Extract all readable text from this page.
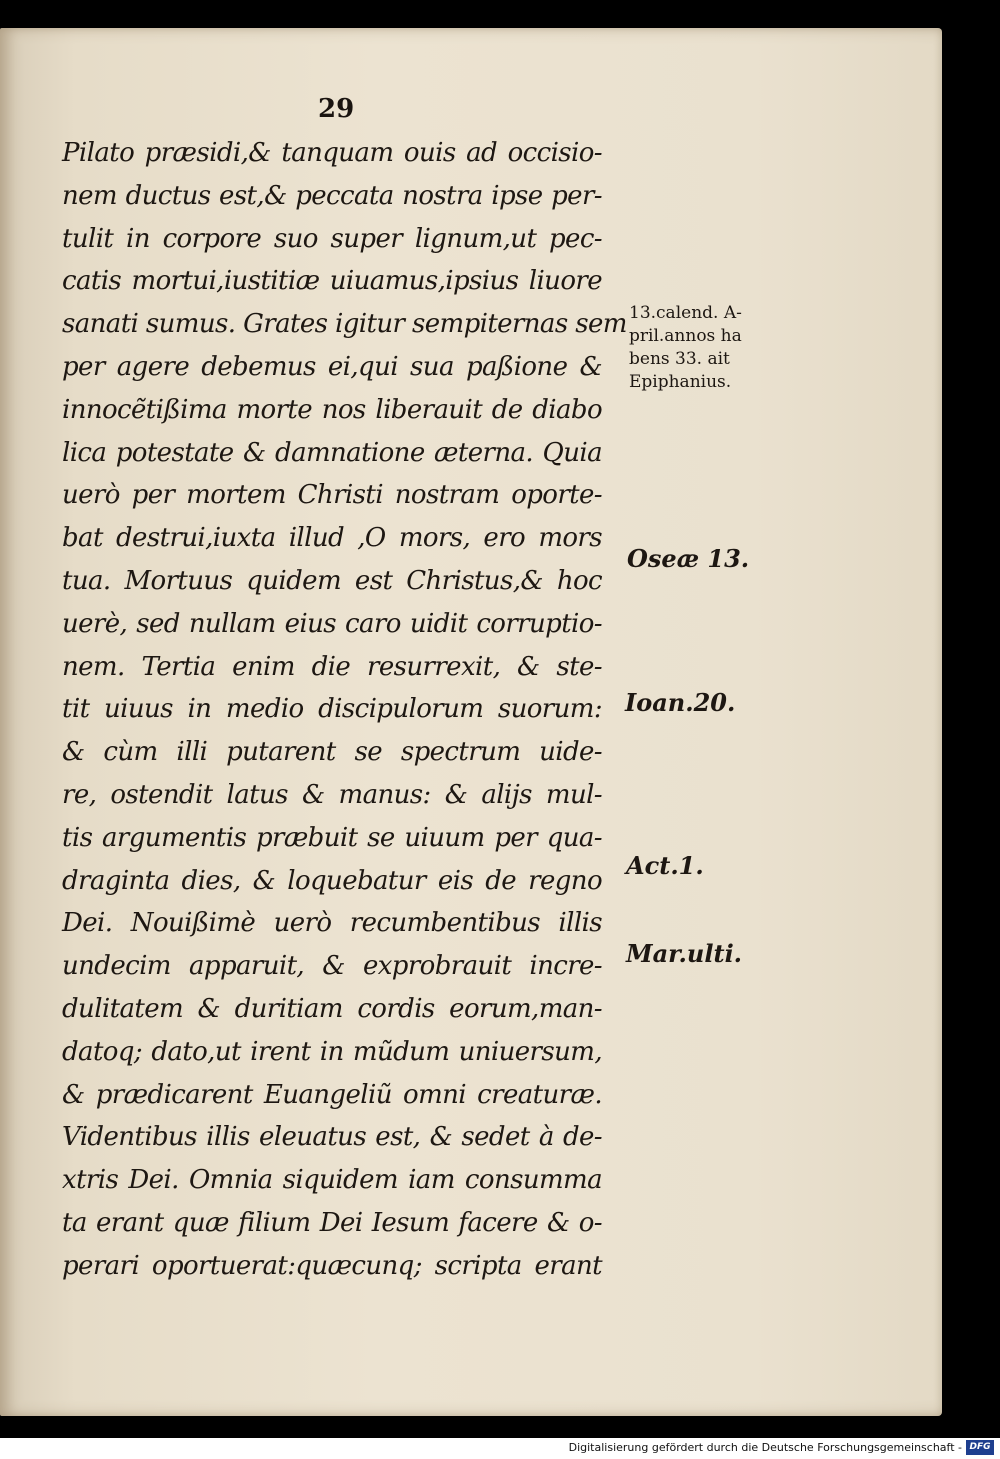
29
Pilato præsidi,& tanquam ouis ad occisio-
nem ductus est,& peccata nostra ipse per-
tulit in corpore suo super lignum,ut pec-
catis mortui,iustitiæ uiuamus,ipsius liuore
sanati sumus. Grates igitur sempiternas sem
per agere debemus ei,qui sua paßione &
innocẽtißima morte nos liberauit de diabo
lica potestate & damnatione æterna. Quia
uerò per mortem Christi nostram oporte-
bat destrui,iuxta illud ,O mors, ero mors
tua. Mortuus quidem est Christus,& hoc
uerè, sed nullam eius caro uidit corruptio-
nem. Tertia enim die resurrexit, & ste-
tit uiuus in medio discipulorum suorum:
& cùm illi putarent se spectrum uide-
re, ostendit latus & manus: & alijs mul-
tis argumentis præbuit se uiuum per qua-
draginta dies, & loquebatur eis de regno
Dei. Nouißimè uerò recumbentibus illis
undecim apparuit, & exprobrauit incre-
dulitatem & duritiam cordis eorum,man-
datoq; dato,ut irent in mũdum uniuersum,
& prædicarent Euangeliũ omni creaturæ.
Videntibus illis eleuatus est, & sedet à de-
xtris Dei. Omnia siquidem iam consumma
ta erant quæ filium Dei Iesum facere & o-
perari oportuerat:quæcunq; scripta erant
13.calend. A-
pril.annos ha
bens 33. ait
Epiphanius.
Oseæ 13.
Ioan.20.
Act.1.
Mar.ulti.
Digitalisierung gefördert durch die Deutsche Forschungsgemeinschaft - DFG
